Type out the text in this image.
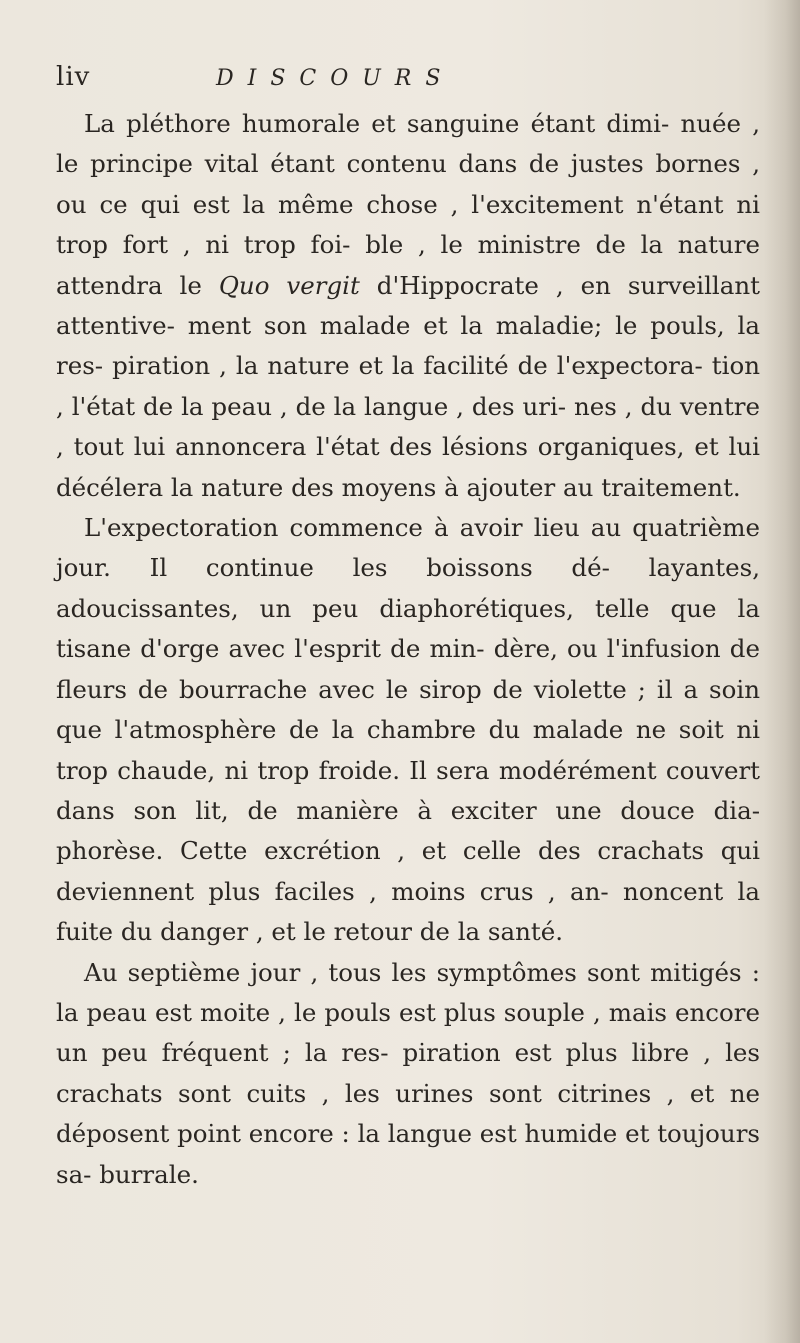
liv	DISCOURS

La pléthore humorale et sanguine étant dimi- nuée , le principe vital étant contenu dans de justes bornes , ou ce qui est la même chose , l'excitement n'étant ni trop fort , ni trop foi- ble , le ministre de la nature attendra le Quo vergit d'Hippocrate , en surveillant attentive- ment son malade et la maladie; le pouls, la res- piration , la nature et la facilité de l'expectora- tion , l'état de la peau , de la langue , des uri- nes , du ventre , tout lui annoncera l'état des lésions organiques, et lui décélera la nature des moyens à ajouter au traitement.

L'expectoration commence à avoir lieu au quatrième jour. Il continue les boissons dé- layantes, adoucissantes, un peu diaphorétiques, telle que la tisane d'orge avec l'esprit de min- dère, ou l'infusion de fleurs de bourrache avec le sirop de violette ; il a soin que l'atmosphère de la chambre du malade ne soit ni trop chaude, ni trop froide. Il sera modérément couvert dans son lit, de manière à exciter une douce dia- phorèse. Cette excrétion , et celle des crachats qui deviennent plus faciles , moins crus , an- noncent la fuite du danger , et le retour de la santé.

Au septième jour , tous les symptômes sont mitigés : la peau est moite , le pouls est plus souple , mais encore un peu fréquent ; la res- piration est plus libre , les crachats sont cuits , les urines sont citrines , et ne déposent point encore : la langue est humide et toujours sa- burrale.
